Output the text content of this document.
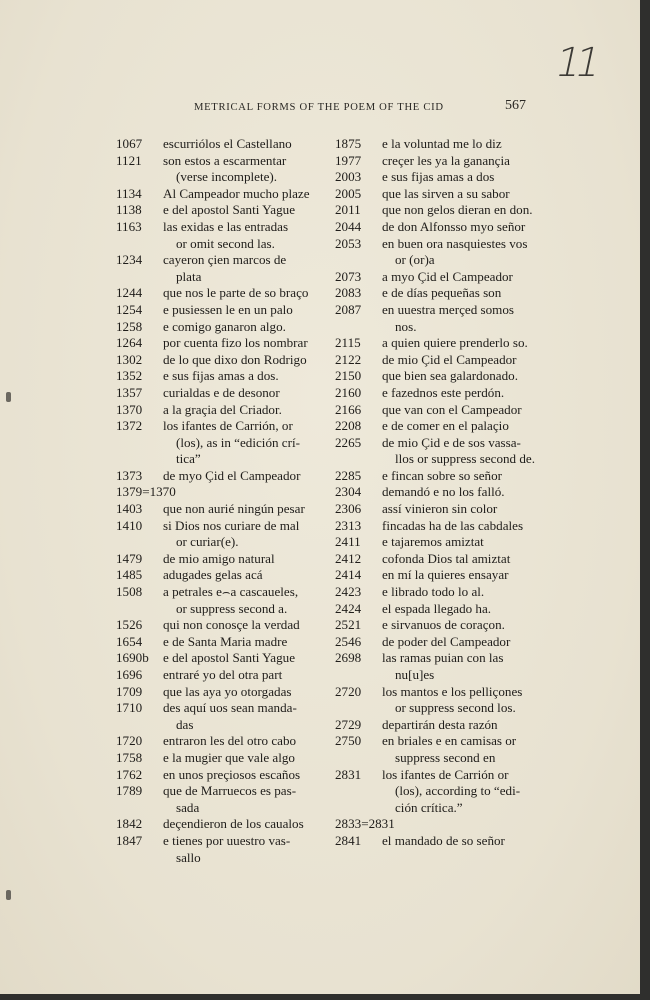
11
METRICAL FORMS OF THE POEM OF THE CID	567
1067	escurriólos el Castellano
1121	son estos a escarmentar
(verse incomplete).
1134	Al Campeador mucho plaze
1138	e del apostol Santi Yague
1163	las exidas e las entradas
or omit second las.
1234	cayeron çien marcos de
plata
1244	que nos le parte de so braço
1254	e pusiessen le en un palo
1258	e comigo ganaron algo.
1264	por cuenta fizo los nombrar
1302	de lo que dixo don Rodrigo
1352	e sus fijas amas a dos.
1357	curialdas e de desonor
1370	a la graçia del Criador.
1372	los ifantes de Carrión, or
(los), as in “edición crí-
tica”
1373	de myo Çid el Campeador
1379=1370
1403	que non aurié ningún pesar
1410	si Dios nos curiare de mal
or curiar(e).
1479	de mio amigo natural
1485	adugades gelas acá
1508	a petrales e⌢a cascaueles,
or suppress second a.
1526	qui non conosçe la verdad
1654	e de Santa Maria madre
1690b	e del apostol Santi Yague
1696	entraré yo del otra part
1709	que las aya yo otorgadas
1710	des aquí uos sean manda-
das
1720	entraron les del otro cabo
1758	e la mugier que vale algo
1762	en unos preçiosos escaños
1789	que de Marruecos es pas-
sada
1842	deçendieron de los caualos
1847	e tienes por uuestro vas-
sallo
1875	e la voluntad me lo diz
1977	creçer les ya la ganançia
2003	e sus fijas amas a dos
2005	que las sirven a su sabor
2011	que non gelos dieran en don.
2044	de don Alfonsso myo señor
2053	en buen ora nasquiestes vos
or (or)a
2073	a myo Çid el Campeador
2083	e de días pequeñas son
2087	en uuestra merçed somos
nos.
2115	a quien quiere prenderlo so.
2122	de mio Çid el Campeador
2150	que bien sea galardonado.
2160	e fazednos este perdón.
2166	que van con el Campeador
2208	e de comer en el palaçio
2265	de mio Çid e de sos vassa-
llos or suppress second de.
2285	e fincan sobre so señor
2304	demandó e no los falló.
2306	assí vinieron sin color
2313	fincadas ha de las cabdales
2411	e tajaremos amiztat
2412	cofonda Dios tal amiztat
2414	en mí la quieres ensayar
2423	e librado todo lo al.
2424	el espada llegado ha.
2521	e sirvanuos de coraçon.
2546	de poder del Campeador
2698	las ramas puian con las
nu[u]es
2720	los mantos e los pelliçones
or suppress second los.
2729	departirán desta razón
2750	en briales e en camisas or
suppress second en
2831	los ifantes de Carrión or
(los), according to “edi-
ción crítica.”
2833=2831
2841	el mandado de so señor
